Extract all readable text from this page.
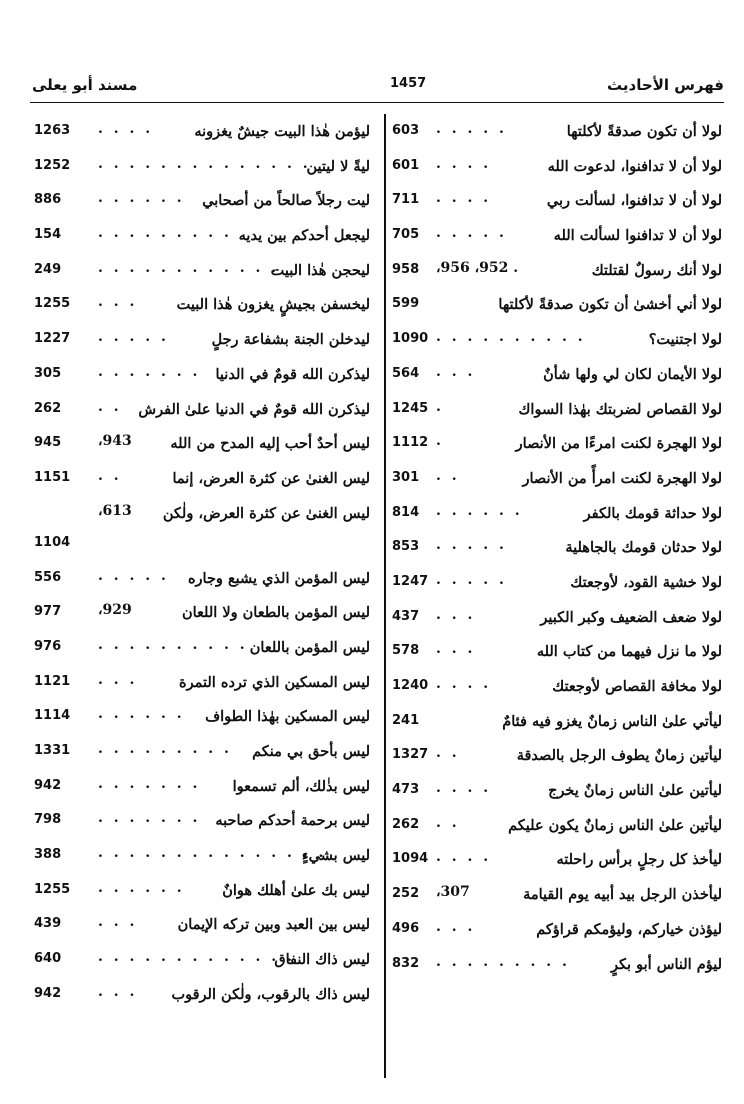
فهرس الأحاديث
1457
مسند أبو يعلى
لولا أن تكون صدقةً لأكلتها
. . . . .
603
لولا أن لا تدافنوا، لدعوت الله
. . . .
601
لولا أن لا تدافنوا، لسألت ربي
. . . .
711
لولا أن لا تدافنوا لسألت الله
. . . . .
705
لولا أنك رسولٌ لقتلتك
. 952، 956،
958
لولا أني أخشىٰ أن تكون صدقةً لأكلتها
599
لولا اجتنيت؟
. . . . . . . . . .
1090
لولا الأيمان لكان لي ولها شأنٌ
. . .
564
لولا القصاص لضربتك بهٰذا السواك
.
1245
لولا الهجرة لكنت امرءًا من الأنصار
.
1112
لولا الهجرة لكنت امرأً من الأنصار
. .
301
لولا حداثة قومك بالكفر
. . . . . .
814
لولا حدثان قومك بالجاهلية
. . . . .
853
لولا خشية القود، لأوجعتك
. . . . .
1247
لولا ضعف الضعيف وكبر الكبير
. . .
437
لولا ما نزل فيهما من كتاب الله
. . .
578
لولا مخافة القصاص لأوجعتك
. . . .
1240
ليأتي علىٰ الناس زمانٌ يغزو فيه فئامٌ
241
ليأتين زمانٌ يطوف الرجل بالصدقة
. .
1327
ليأتين علىٰ الناس زمانٌ يخرج
. . . .
473
ليأتين علىٰ الناس زمانٌ يكون عليكم
. .
262
ليأخذ كل رجلٍ برأس راحلته
. . . .
1094
ليأخذن الرجل بيد أبيه يوم القيامة
307،
252
ليؤذن خياركم، وليؤمكم قراؤكم
. . .
496
ليؤم الناس أبو بكرٍ
. . . . . . . . .
832
ليؤمن هٰذا البيت جيشٌ يغزونه
. . . .
1263
ليةً لا ليتين
. . . . . . . . . . . . . .
1252
ليت رجلاً صالحاً من أصحابي
. . . . . .
886
ليجعل أحدكم بين يديه
. . . . . . . . .
154
ليحجن هٰذا البيت
. . . . . . . . . . . .
249
ليخسفن بجيشٍ يغزون هٰذا البيت
. . .
1255
ليدخلن الجنة بشفاعة رجلٍ
. . . . .
1227
ليذكرن الله قومٌ في الدنيا
. . . . . . .
305
ليذكرن الله قومٌ في الدنيا علىٰ الفرش
. .
262
ليس أحدٌ أحب إليه المدح من الله
943،
945
ليس الغنىٰ عن كثرة العرض، إنما
. .
1151
ليس الغنىٰ عن كثرة العرض، ولٰكن
613،
1104
ليس المؤمن الذي يشبع وجاره
. . . . .
556
ليس المؤمن بالطعان ولا اللعان
929،
977
ليس المؤمن باللعان
. . . . . . . . . .
976
ليس المسكين الذي ترده التمرة
. . .
1121
ليس المسكين بهٰذا الطواف
. . . . . .
1114
ليس بأحق بي منكم
. . . . . . . . .
1331
ليس بذٰلك، ألم تسمعوا
. . . . . . .
942
ليس برحمة أحدكم صاحبه
. . . . . . .
798
ليس بشيءٍ
. . . . . . . . . . . . . . .
388
ليس بك علىٰ أهلك هوانٌ
. . . . . .
1255
ليس بين العبد وبين تركه الإيمان
. . .
439
ليس ذاك النفاق
. . . . . . . . . . . . .
640
ليس ذاك بالرقوب، ولٰكن الرقوب
. . .
942
